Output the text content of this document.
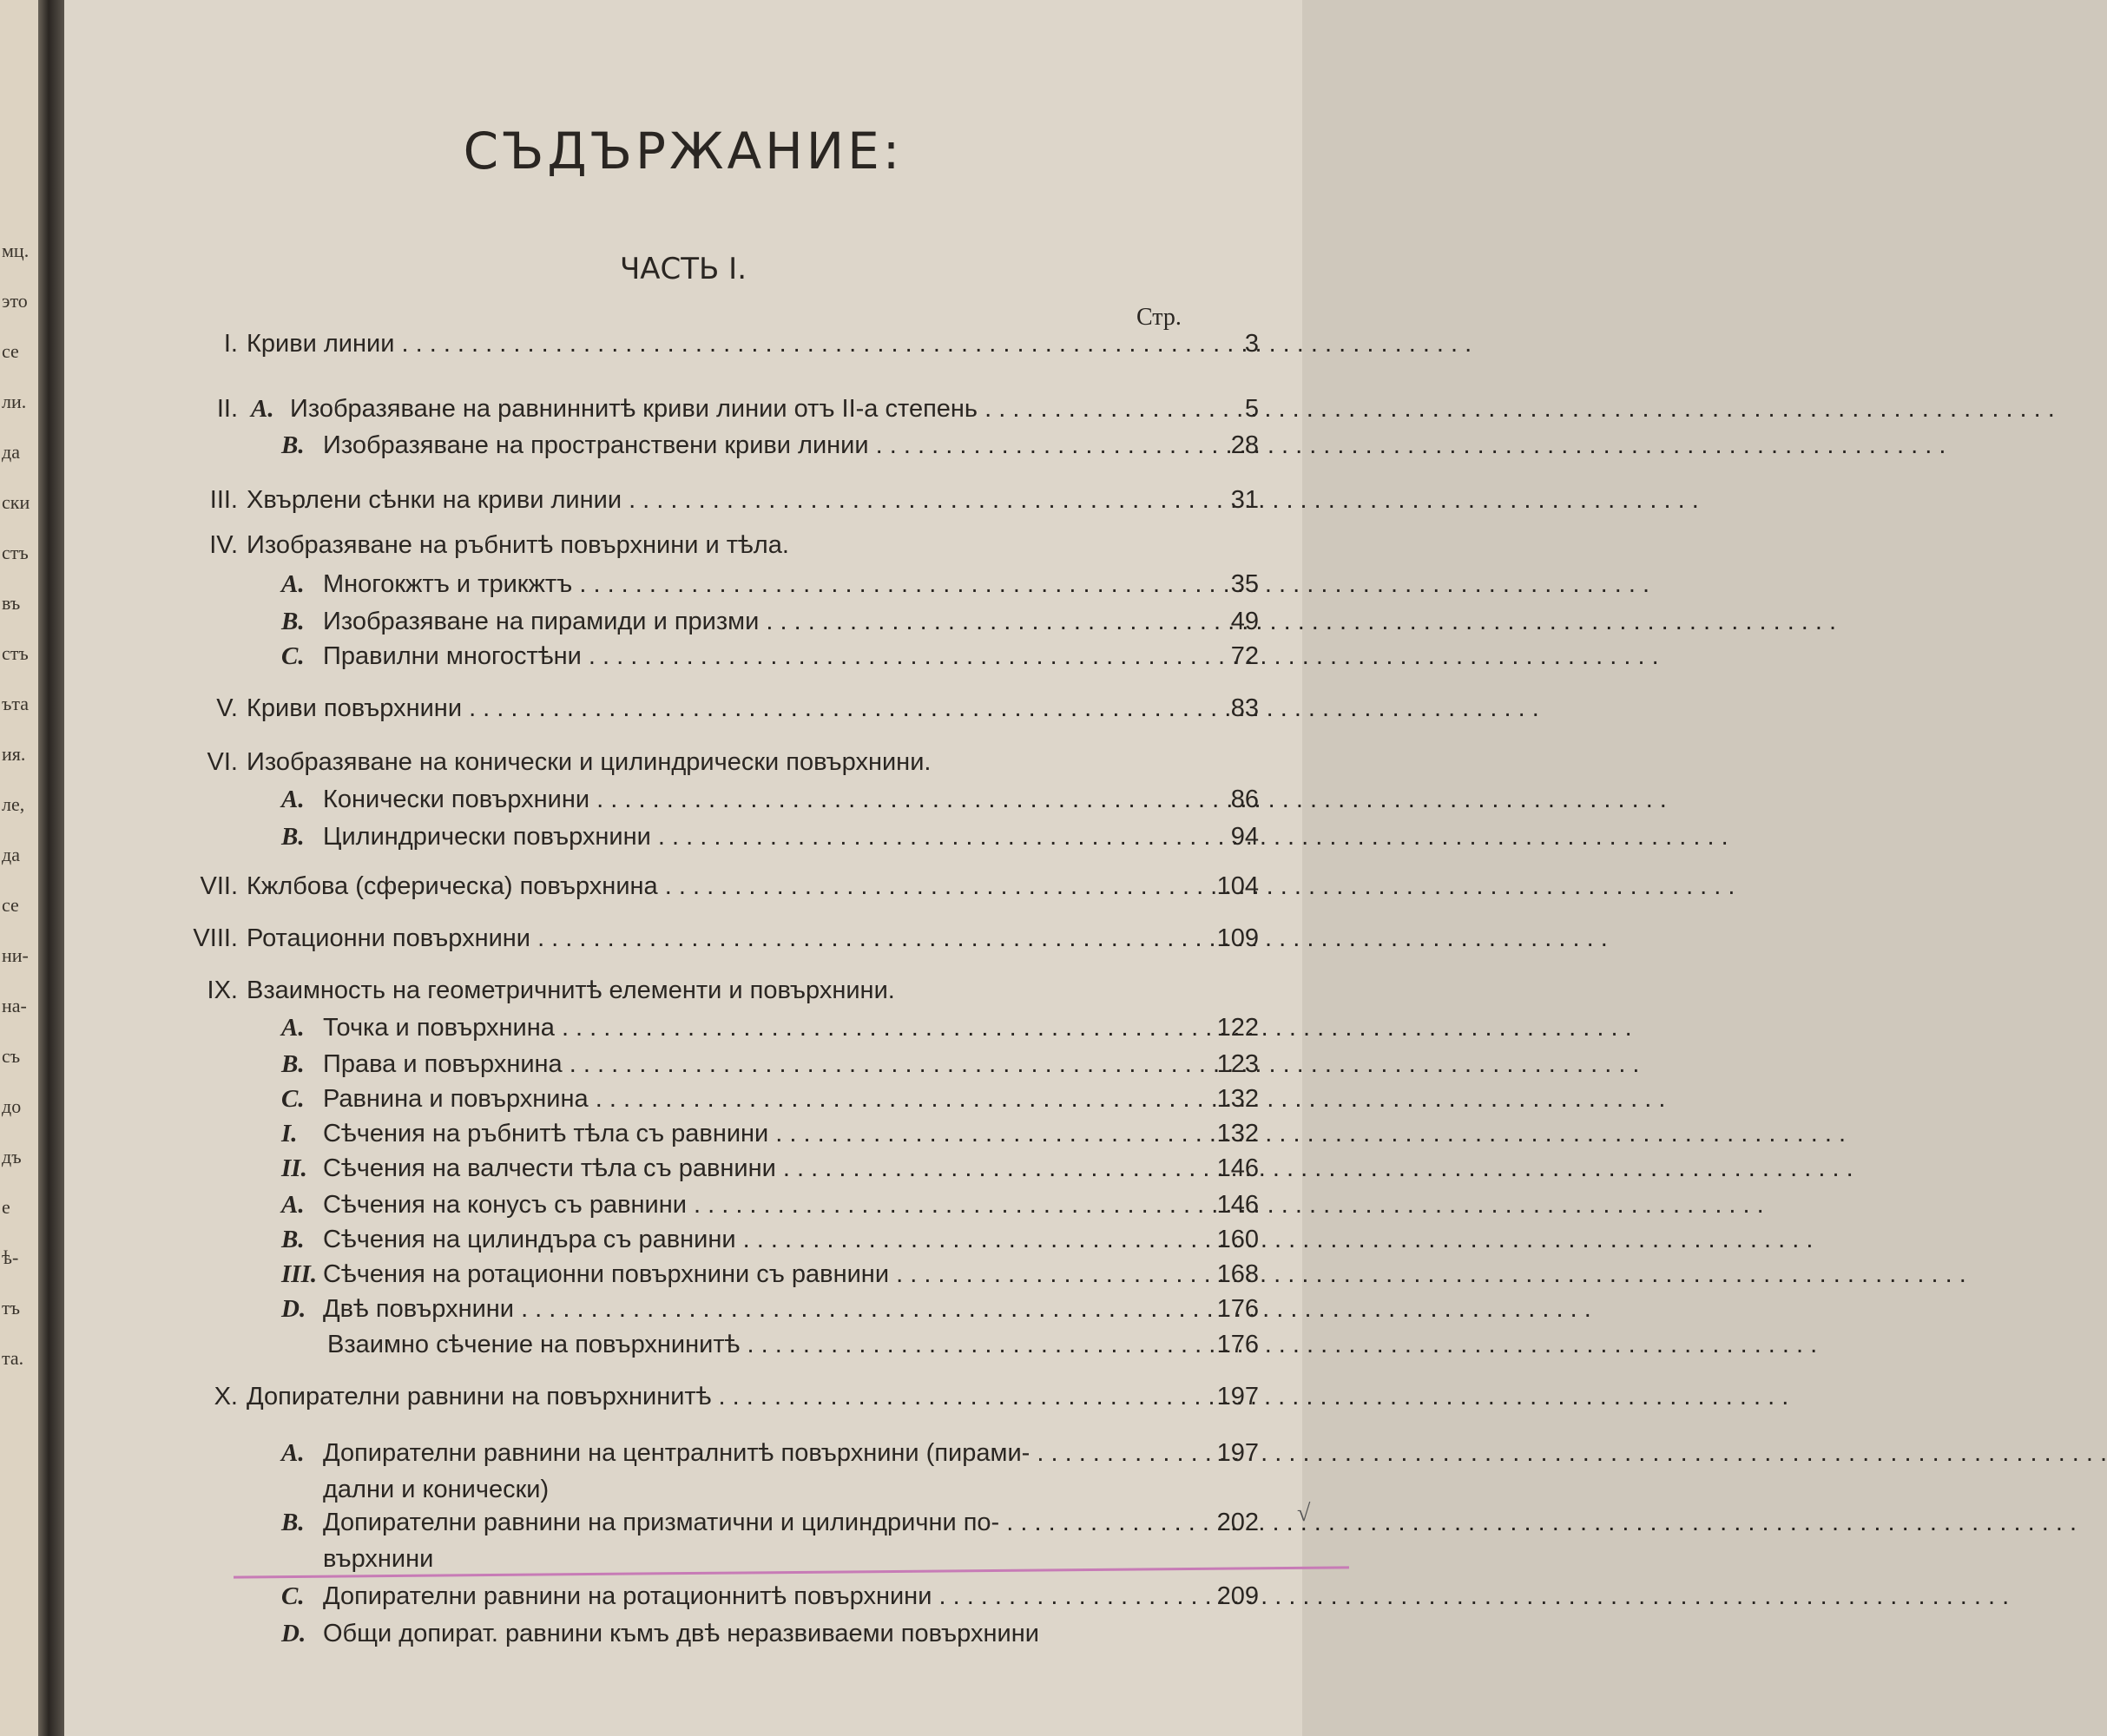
мц.
это
се
ли.
да
ски
стъ
въ
стъ
ъта
ия.
ле,
да
се
ни-
на-
съ
до
дъ
е
ѣ-
тъ
та.
СЪДЪРЖАНИЕ:
ЧАСТЬ I.
Стр.
I. Криви линии . . .	3
II. A. Изобразяване на равниннитѣ криви линии отъ II-а степень . . .	5
B. Изобразяване на пространствени криви линии . . .	28
III. Хвърлени сѣнки на криви линии . . .	31
IV. Изобразяване на ръбнитѣ повърхнини и тѣла.
A. Многокжтъ и трикжтъ . . .	35
B. Изобразяване на пирамиди и призми . . .	49
C. Правилни многостѣни . . .	72
V. Криви повърхнини . . .	83
VI. Изобразяване на конически и цилиндрически повърхнини.
A. Конически повърхнини . . .	86
B. Цилиндрически повърхнини . . .	94
VII. Кжлбова (сферическа) повърхнина . . .	104
VIII. Ротационни повърхнини . . .	109
IX. Взаимность на геометричнитѣ елементи и повърхнини.
A. Точка и повърхнина . . .	122
B. Права и повърхнина . . .	123
C. Равнина и повърхнина . . .	132
I. Сѣчения на ръбнитѣ тѣла съ равнини . . .	132
II. Сѣчения на валчести тѣла съ равнини . . .	146
A. Сѣчения на конусъ съ равнини . . .	146
B. Сѣчения на цилиндъра съ равнини . . .	160
III. Сѣчения на ротационни повърхнини съ равнини . . .	168
D. Двѣ повърхнини . . .	176
Взаимно сѣчение на повърхнинитѣ . . .	176
X. Допирателни равнини на повърхнинитѣ . . .	197
A. Допирателни равнини на централнитѣ повърхнини (пирами- . . .	197
дални и конически)
B. Допирателни равнини на призматични и цилиндрични по- . . .	202
върхнини
C. Допирателни равнини на ротационнитѣ повърхнини . . .	209
D. Общи допират. равнини къмъ двѣ неразвиваеми повърхнини
√
